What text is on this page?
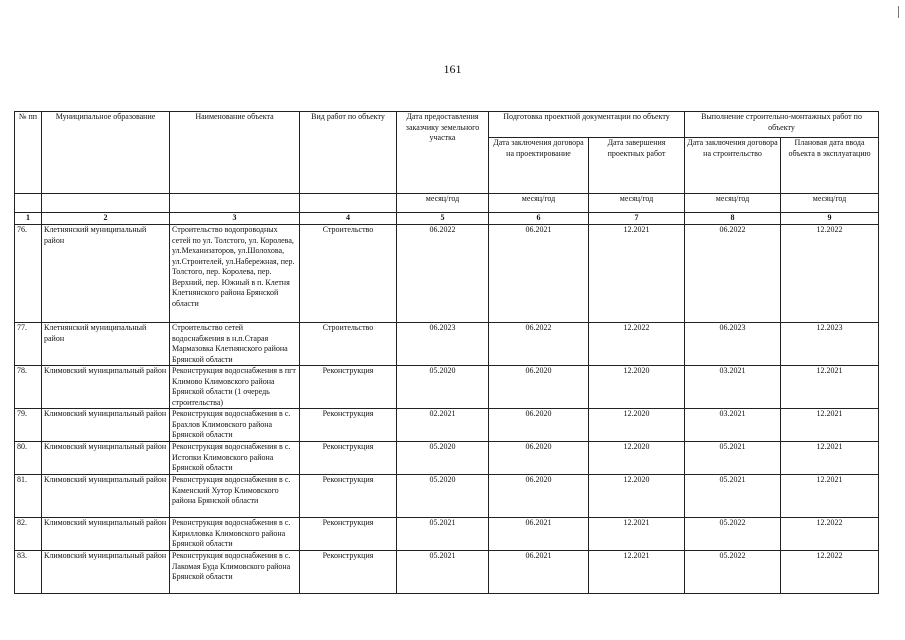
161
№ пп	Муниципальное образование	Наименование объекта	Вид работ по объекту	Дата предоставления заказчику земельного участка	Подготовка проектной документации по объекту		Выполнение строительно-монтажных работ по объекту	
					Дата заключения договора на проектирование	Дата завершения проектных работ	Дата заключения договора на строительство	Плановая дата ввода объекта в эксплуатацию
				месяц/год	месяц/год	месяц/год	месяц/год	месяц/год
1	2	3	4	5	6	7	8	9
76.	Клетнянский муниципальный район	Строительство водопроводных сетей по ул. Толстого, ул. Королева, ул.Механизаторов, ул.Шолохова, ул.Строителей, ул.Набережная, пер. Толстого, пер. Королева, пер. Верхний, пер. Южный в п. Клетня Клетнянского района Брянской области	Строительство	06.2022	06.2021	12.2021	06.2022	12.2022
77.	Клетнянский муниципальный район	Строительство сетей водоснабжения в н.п.Старая Мармазовка Клетнянского района Брянской области	Строительство	06.2023	06.2022	12.2022	06.2023	12.2023
78.	Климовский муниципальный район	Реконструкция водоснабжения в пгт Климово Климовского района Брянской области (1 очередь строительства)	Реконструкция	05.2020	06.2020	12.2020	03.2021	12.2021
79.	Климовский муниципальный район	Реконструкция водоснабжения в с. Брахлов Климовского района Брянской области	Реконструкция	02.2021	06.2020	12.2020	03.2021	12.2021
80.	Климовский муниципальный район	Реконструкция водоснабжения в с. Истопки Климовского района Брянской области	Реконструкция	05.2020	06.2020	12.2020	05.2021	12.2021
81.	Климовский муниципальный район	Реконструкция водоснабжения в с. Каменский Хутор Климовского района Брянской области	Реконструкция	05.2020	06.2020	12.2020	05.2021	12.2021
82.	Климовский муниципальный район	Реконструкция водоснабжения в с. Кирилловка Климовского района Брянской области	Реконструкция	05.2021	06.2021	12.2021	05.2022	12.2022
83.	Климовский муниципальный район	Реконструкция водоснабжения в с. Лакомая Буда Климовского района Брянской области	Реконструкция	05.2021	06.2021	12.2021	05.2022	12.2022
